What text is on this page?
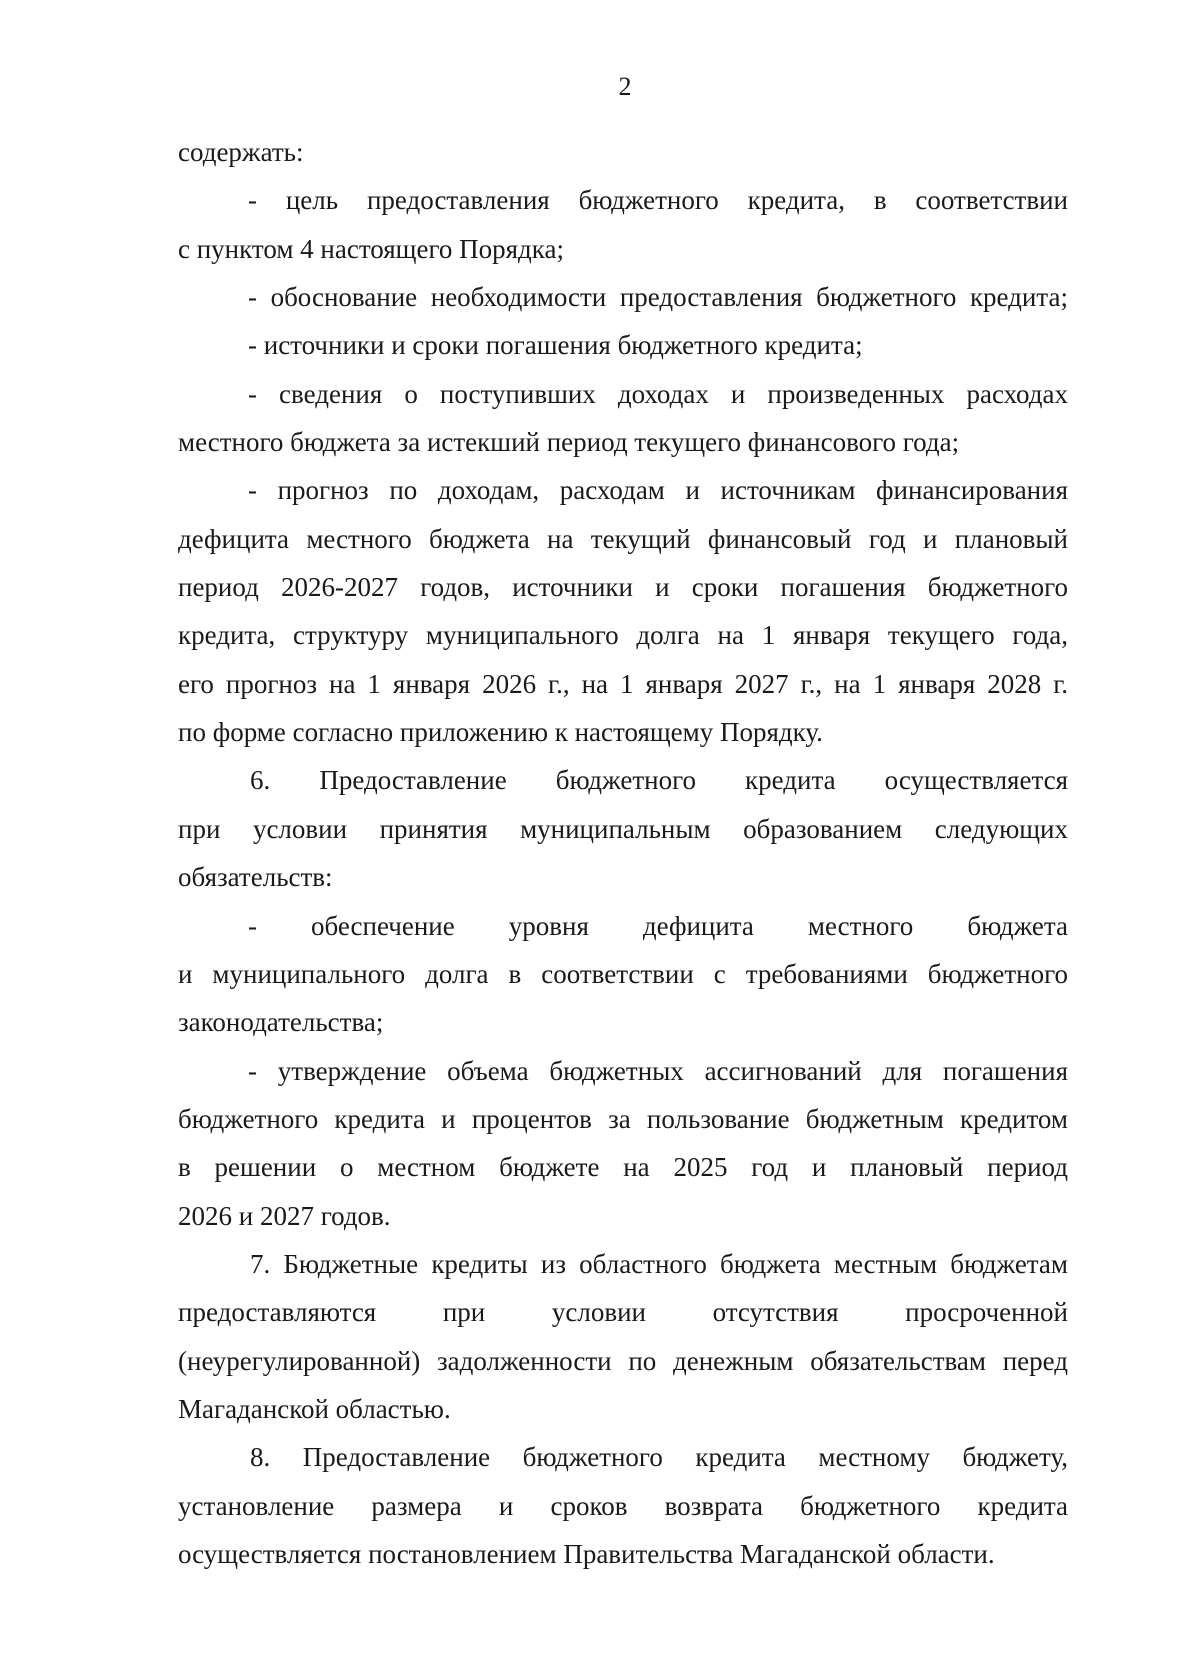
2
содержать:
- цель предоставления бюджетного кредита, в соответствии
с пунктом 4 настоящего Порядка;
- обоснование необходимости предоставления бюджетного кредита;
- источники и сроки погашения бюджетного кредита;
- сведения о поступивших доходах и произведенных расходах
местного бюджета за истекший период текущего финансового года;
- прогноз по доходам, расходам и источникам финансирования
дефицита местного бюджета на текущий финансовый год и плановый
период 2026-2027 годов, источники и сроки погашения бюджетного
кредита, структуру муниципального долга на 1 января текущего года,
его прогноз на 1 января 2026 г., на 1 января 2027 г., на 1 января 2028 г.
по форме согласно приложению к настоящему Порядку.
6. Предоставление бюджетного кредита осуществляется
при условии принятия муниципальным образованием следующих
обязательств:
- обеспечение уровня дефицита местного бюджета
и муниципального долга в соответствии с требованиями бюджетного
законодательства;
- утверждение объема бюджетных ассигнований для погашения
бюджетного кредита и процентов за пользование бюджетным кредитом
в решении о местном бюджете на 2025 год и плановый период
2026 и 2027 годов.
7. Бюджетные кредиты из областного бюджета местным бюджетам
предоставляются при условии отсутствия просроченной
(неурегулированной) задолженности по денежным обязательствам перед
Магаданской областью.
8. Предоставление бюджетного кредита местному бюджету,
установление размера и сроков возврата бюджетного кредита
осуществляется постановлением Правительства Магаданской области.
